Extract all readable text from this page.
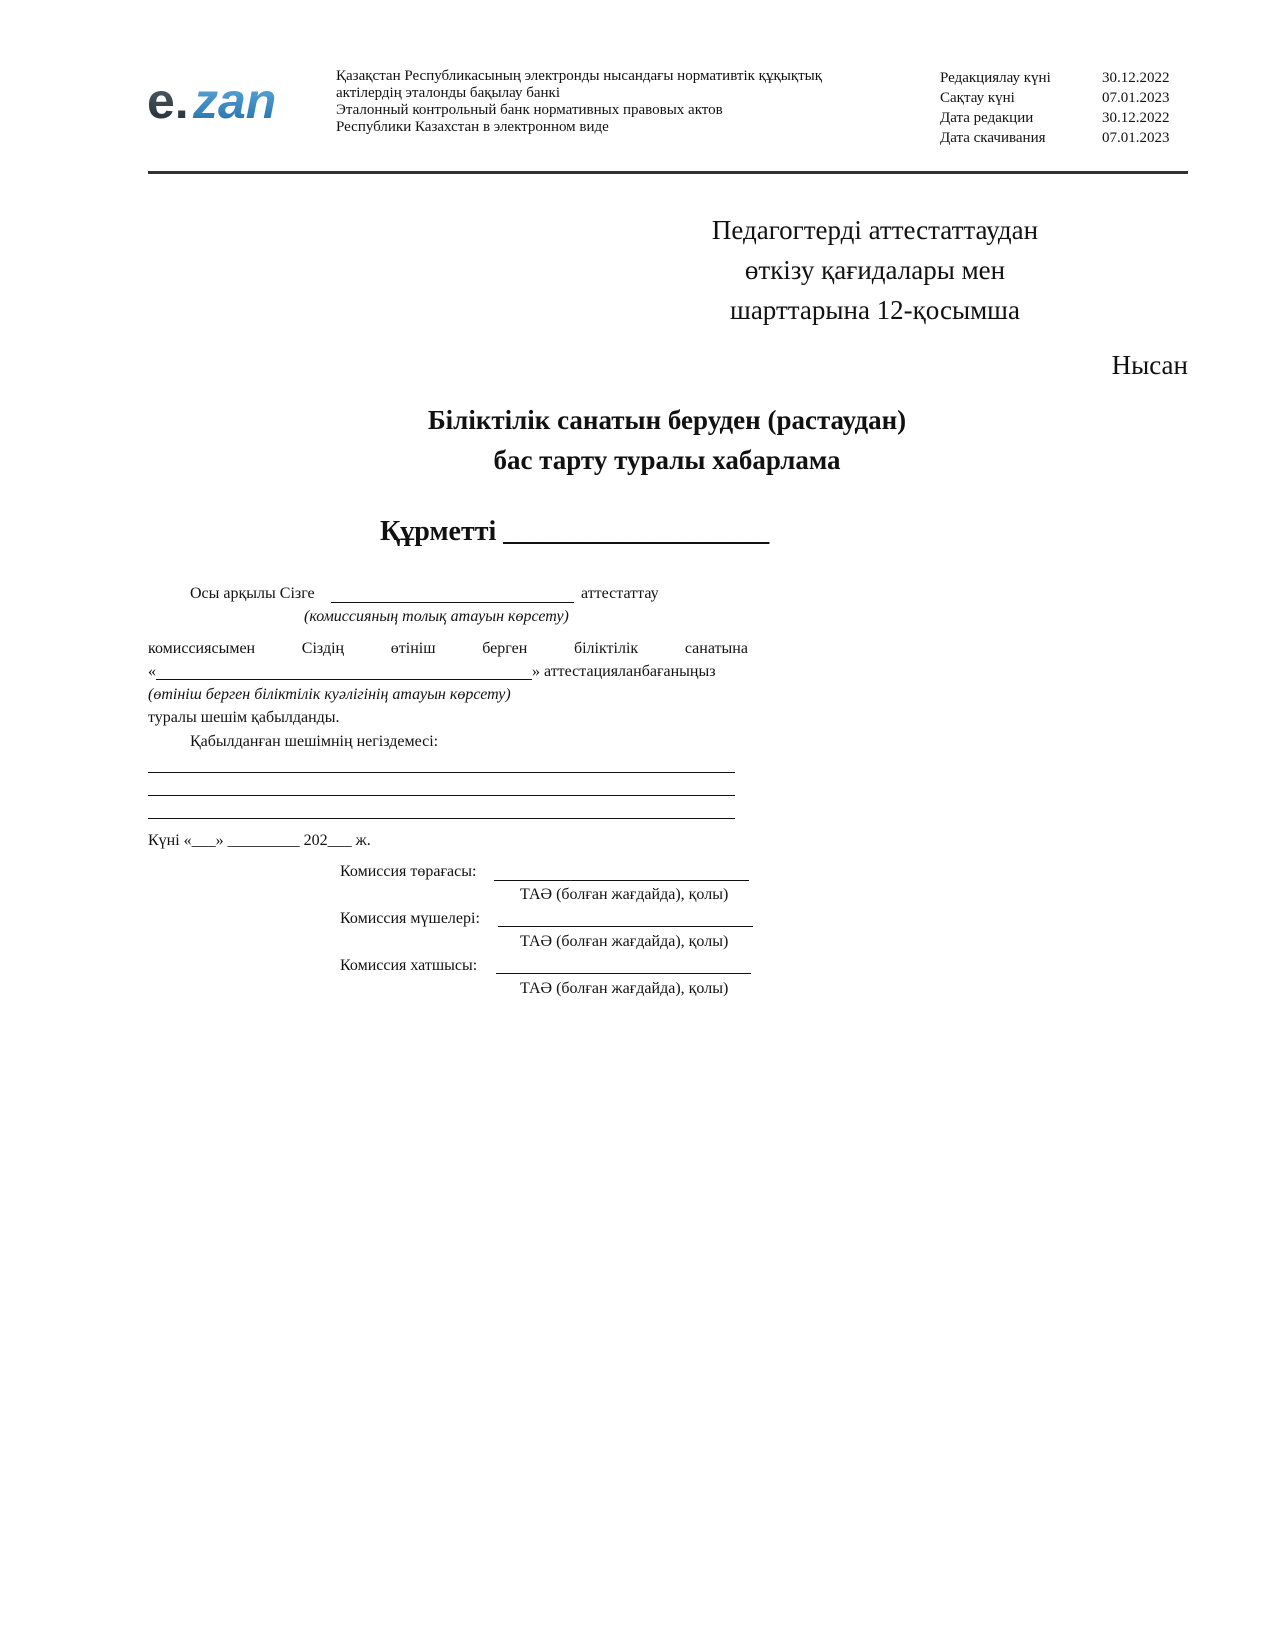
e. zan	Қазақстан Республикасының электронды нысандағы нормативтік құқықтық
актілердің эталонды бақылау банкі
Эталонный контрольный банк нормативных правовых актов
Республики Казахстан в электронном виде
Редакциялау күні	30.12.2022
Сақтау күні	07.01.2023
Дата редакции	30.12.2022
Дата скачивания	07.01.2023
Педагогтерді аттестаттаудан
өткізу қағидалары мен
шарттарына 12-қосымша
Нысан
Біліктілік санатын беруден (растаудан)
бас тарту туралы хабарлама
Құрметті ___________________
Осы арқылы Сізге	аттестаттау
(комиссияның толық атауын көрсету)
комиссиясымен	Сіздің	өтініш	берген	біліктілік	санатына
«	» аттестацияланбағаныңыз
(өтініш берген біліктілік куәлігінің атауын көрсету)
туралы шешім қабылданды.
Қабылданған шешімнің негіздемесі:
Күні «___» _________ 202___ ж.
Комиссия төрағасы:
ТАӘ (болған жағдайда), қолы)
Комиссия мүшелері:
ТАӘ (болған жағдайда), қолы)
Комиссия хатшысы:
ТАӘ (болған жағдайда), қолы)
